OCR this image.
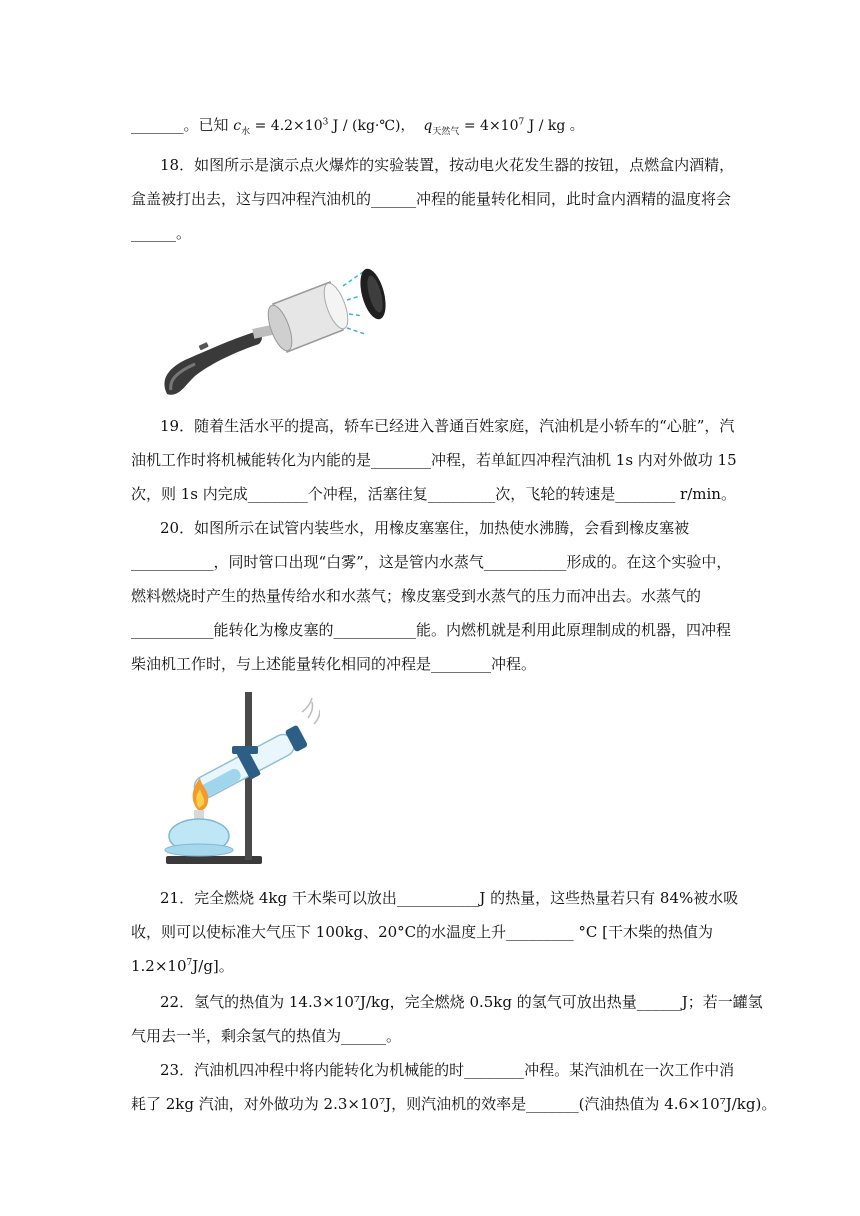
_______。已知 $c_水 = 4.2\times 10^3$ J / (kg·℃)， $q_{天然气} = 4\times 10^7$ J / kg 。
18．如图所示是演示点火爆炸的实验装置，按动电火花发生器的按钮，点燃盒内酒精，
盒盖被打出去，这与四冲程汽油机的______冲程的能量转化相同，此时盒内酒精的温度将会
______。
19．随着生活水平的提高，轿车已经进入普通百姓家庭，汽油机是小轿车的“心脏”，汽
油机工作时将机械能转化为内能的是________冲程，若单缸四冲程汽油机 1s 内对外做功 15
次，则 1s 内完成________个冲程，活塞往复_________次，飞轮的转速是________ r/min。
20．如图所示在试管内装些水，用橡皮塞塞住，加热使水沸腾，会看到橡皮塞被
___________，同时管口出现“白雾”，这是管内水蒸气___________形成的。在这个实验中，
燃料燃烧时产生的热量传给水和水蒸气；橡皮塞受到水蒸气的压力而冲出去。水蒸气的
___________能转化为橡皮塞的___________能。内燃机就是利用此原理制成的机器，四冲程
柴油机工作时，与上述能量转化相同的冲程是________冲程。
21．完全燃烧 4kg 干木柴可以放出___________J 的热量，这些热量若只有 84%被水吸
收，则可以使标准大气压下 100kg、20°C的水温度上升_________ °C [干木柴的热值为
$1.2\times 10^7J/g$]。
22．氢气的热值为 14.3×10⁷J/kg，完全燃烧 0.5kg 的氢气可放出热量______J；若一罐氢
气用去一半，剩余氢气的热值为______。
23．汽油机四冲程中将内能转化为机械能的时________冲程。某汽油机在一次工作中消
耗了 2kg 汽油，对外做功为 2.3×10⁷J，则汽油机的效率是_______(汽油热值为 4.6×10⁷J/kg)。
